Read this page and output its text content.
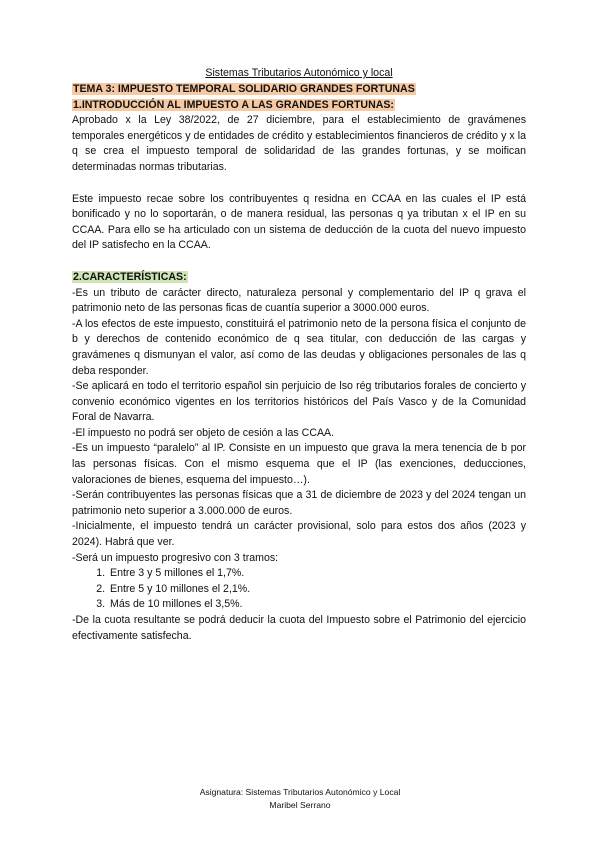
Sistemas Tributarios Autonómico y local

TEMA 3: IMPUESTO TEMPORAL SOLIDARIO GRANDES FORTUNAS

1.INTRODUCCIÓN AL IMPUESTO A LAS GRANDES FORTUNAS:

Aprobado x la Ley 38/2022, de 27 diciembre, para el establecimiento de gravámenes temporales energéticos y de entidades de crédito y establecimientos financieros de crédito y x la q se crea el impuesto temporal de solidaridad de las grandes fortunas, y se moifican determinadas normas tributarias.

Este impuesto recae sobre los contribuyentes q residna en CCAA en las cuales el IP está bonificado y no lo soportarán, o de manera residual, las personas q ya tributan x el IP en su CCAA. Para ello se ha articulado con un sistema de deducción de la cuota del nuevo impuesto del IP satisfecho en la CCAA.

2.CARACTERÍSTICAS:

-Es un tributo de carácter directo, naturaleza personal y complementario del IP q grava el patrimonio neto de las personas ficas de cuantía superior a 3000.000 euros.

-A los efectos de este impuesto, constituirá el patrimonio neto de la persona física el conjunto de b y derechos de contenido económico de q sea titular, con deducción de las cargas y gravámenes q dismunyan el valor, así como de las deudas y obligaciones personales de las q deba responder.

-Se aplicará en todo el territorio español sin perjuicio de lso rég tributarios forales de concierto y convenio económico vigentes en los territorios históricos del País Vasco y de la Comunidad Foral de Navarra.

-El impuesto no podrá ser objeto de cesión a las CCAA.

-Es un impuesto “paralelo” al IP. Consiste en un impuesto que grava la mera tenencia de b por las personas físicas. Con el mismo esquema que el IP (las exenciones, deducciones, valoraciones de bienes, esquema del impuesto…).

-Serán contribuyentes las personas físicas que a 31 de diciembre de 2023 y del 2024 tengan un patrimonio neto superior a 3.000.000 de euros.

-Inicialmente, el impuesto tendrá un carácter provisional, solo para estos dos años (2023 y 2024). Habrá que ver.

-Será un impuesto progresivo con 3 tramos:

1. Entre 3 y 5 millones el 1,7%.
2. Entre 5 y 10 millones el 2,1%.
3. Más de 10 millones el 3,5%.

-De la cuota resultante se podrá deducir la cuota del Impuesto sobre el Patrimonio del ejercicio efectivamente satisfecha.

Asignatura: Sistemas Tributarios Autonómico y Local
Maribel Serrano
